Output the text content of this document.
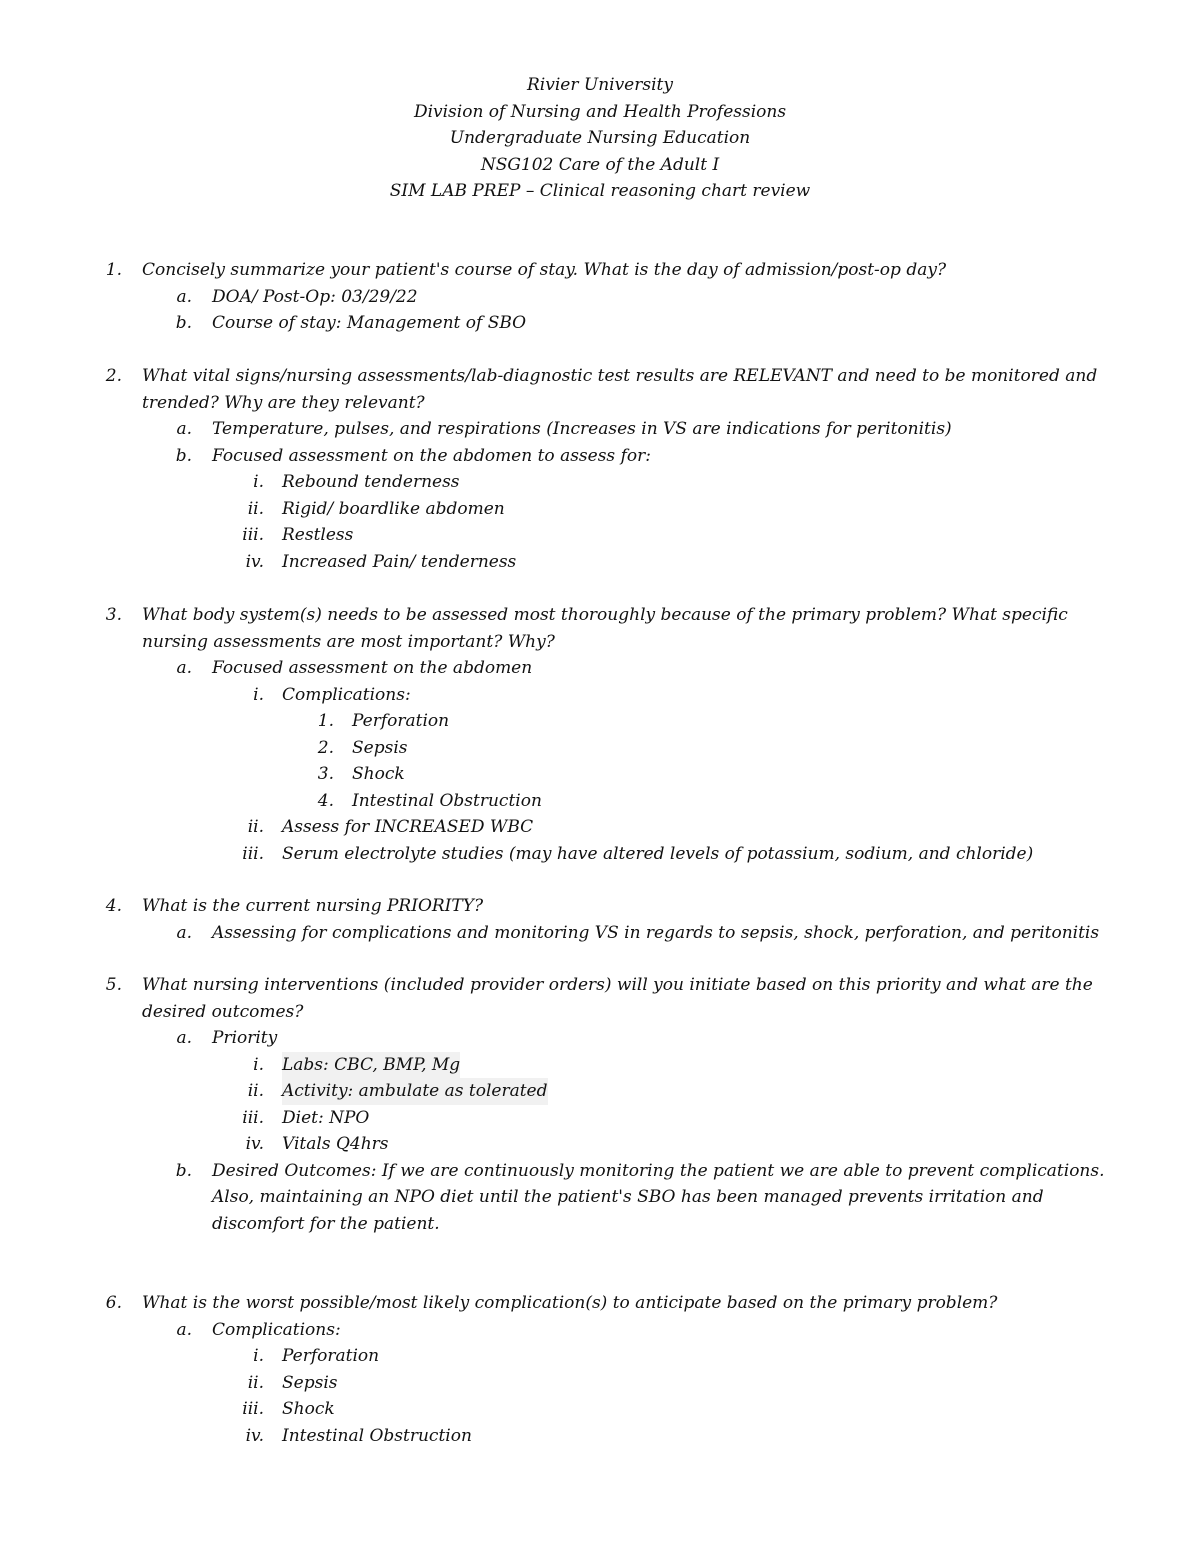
Rivier University
Division of Nursing and Health Professions
Undergraduate Nursing Education
NSG102 Care of the Adult I
SIM LAB PREP – Clinical reasoning chart review
1. Concisely summarize your patient's course of stay. What is the day of admission/post-op day?
a. DOA/ Post-Op: 03/29/22
b. Course of stay: Management of SBO
2. What vital signs/nursing assessments/lab-diagnostic test results are RELEVANT and need to be monitored and
trended? Why are they relevant?
a. Temperature, pulses, and respirations (Increases in VS are indications for peritonitis)
b. Focused assessment on the abdomen to assess for:
i. Rebound tenderness
ii. Rigid/ boardlike abdomen
iii. Restless
iv. Increased Pain/ tenderness
3. What body system(s) needs to be assessed most thoroughly because of the primary problem? What specific
nursing assessments are most important? Why?
a. Focused assessment on the abdomen
i. Complications:
1. Perforation
2. Sepsis
3. Shock
4. Intestinal Obstruction
ii. Assess for INCREASED WBC
iii. Serum electrolyte studies (may have altered levels of potassium, sodium, and chloride)
4. What is the current nursing PRIORITY?
a. Assessing for complications and monitoring VS in regards to sepsis, shock, perforation, and peritonitis
5. What nursing interventions (included provider orders) will you initiate based on this priority and what are the
desired outcomes?
a. Priority
i. Labs: CBC, BMP, Mg
ii. Activity: ambulate as tolerated
iii. Diet: NPO
iv. Vitals Q4hrs
b. Desired Outcomes: If we are continuously monitoring the patient we are able to prevent complications.
Also, maintaining an NPO diet until the patient's SBO has been managed prevents irritation and
discomfort for the patient.
6. What is the worst possible/most likely complication(s) to anticipate based on the primary problem?
a. Complications:
i. Perforation
ii. Sepsis
iii. Shock
iv. Intestinal Obstruction
